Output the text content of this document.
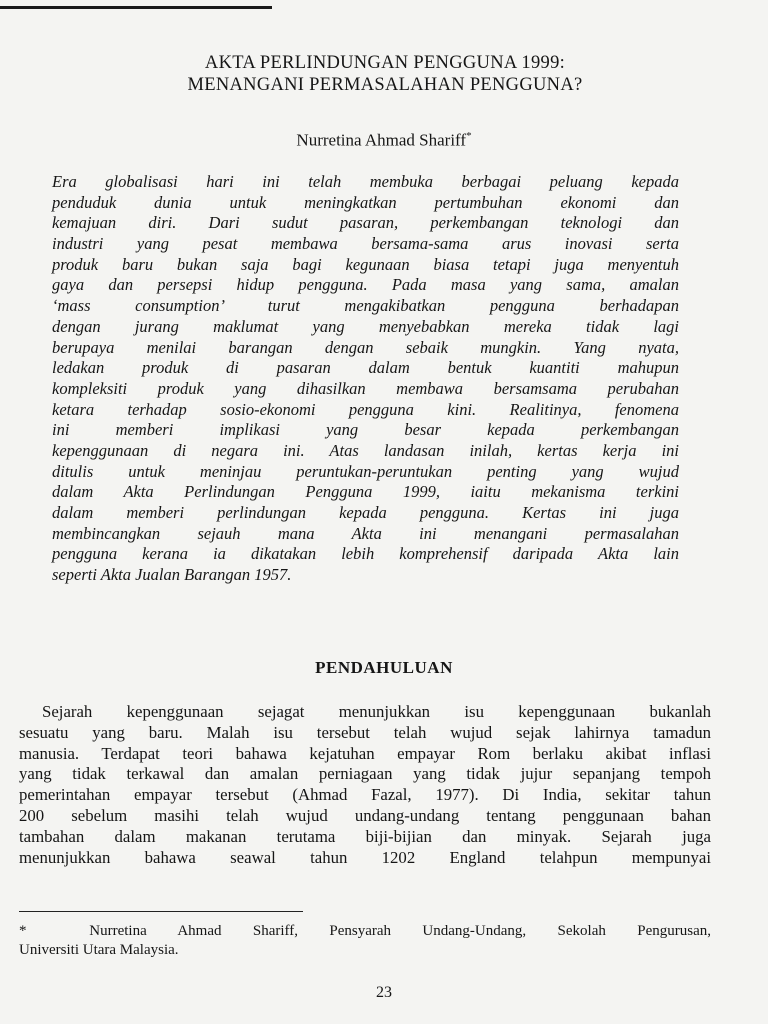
AKTA PERLINDUNGAN PENGGUNA 1999:
MENANGANI PERMASALAHAN PENGGUNA?
Nurretina Ahmad Shariff*
Era globalisasi hari ini telah membuka berbagai peluang kepada
penduduk dunia untuk meningkatkan pertumbuhan ekonomi dan
kemajuan diri. Dari sudut pasaran, perkembangan teknologi dan
industri yang pesat membawa bersama-sama arus inovasi serta
produk baru bukan saja bagi kegunaan biasa tetapi juga menyentuh
gaya dan persepsi hidup pengguna. Pada masa yang sama, amalan
‘mass consumption’ turut mengakibatkan pengguna berhadapan
dengan jurang maklumat yang menyebabkan mereka tidak lagi
berupaya menilai barangan dengan sebaik mungkin. Yang nyata,
ledakan produk di pasaran dalam bentuk kuantiti mahupun
kompleksiti produk yang dihasilkan membawa bersamsama perubahan
ketara terhadap sosio-ekonomi pengguna kini. Realitinya, fenomena
ini memberi implikasi yang besar kepada perkembangan
kepenggunaan di negara ini. Atas landasan inilah, kertas kerja ini
ditulis untuk meninjau peruntukan-peruntukan penting yang wujud
dalam Akta Perlindungan Pengguna 1999, iaitu mekanisma terkini
dalam memberi perlindungan kepada pengguna. Kertas ini juga
membincangkan sejauh mana Akta ini menangani permasalahan
pengguna kerana ia dikatakan lebih komprehensif daripada Akta lain
seperti Akta Jualan Barangan 1957.
PENDAHULUAN
Sejarah kepenggunaan sejagat menunjukkan isu kepenggunaan bukanlah
sesuatu yang baru. Malah isu tersebut telah wujud sejak lahirnya tamadun
manusia. Terdapat teori bahawa kejatuhan empayar Rom berlaku akibat inflasi
yang tidak terkawal dan amalan perniagaan yang tidak jujur sepanjang tempoh
pemerintahan empayar tersebut (Ahmad Fazal, 1977). Di India, sekitar tahun
200 sebelum masihi telah wujud undang-undang tentang penggunaan bahan
tambahan dalam makanan terutama biji-bijian dan minyak. Sejarah juga
menunjukkan bahawa seawal tahun 1202 England telahpun mempunyai
*	Nurretina Ahmad Shariff, Pensyarah Undang-Undang, Sekolah Pengurusan,
Universiti Utara Malaysia.
23
